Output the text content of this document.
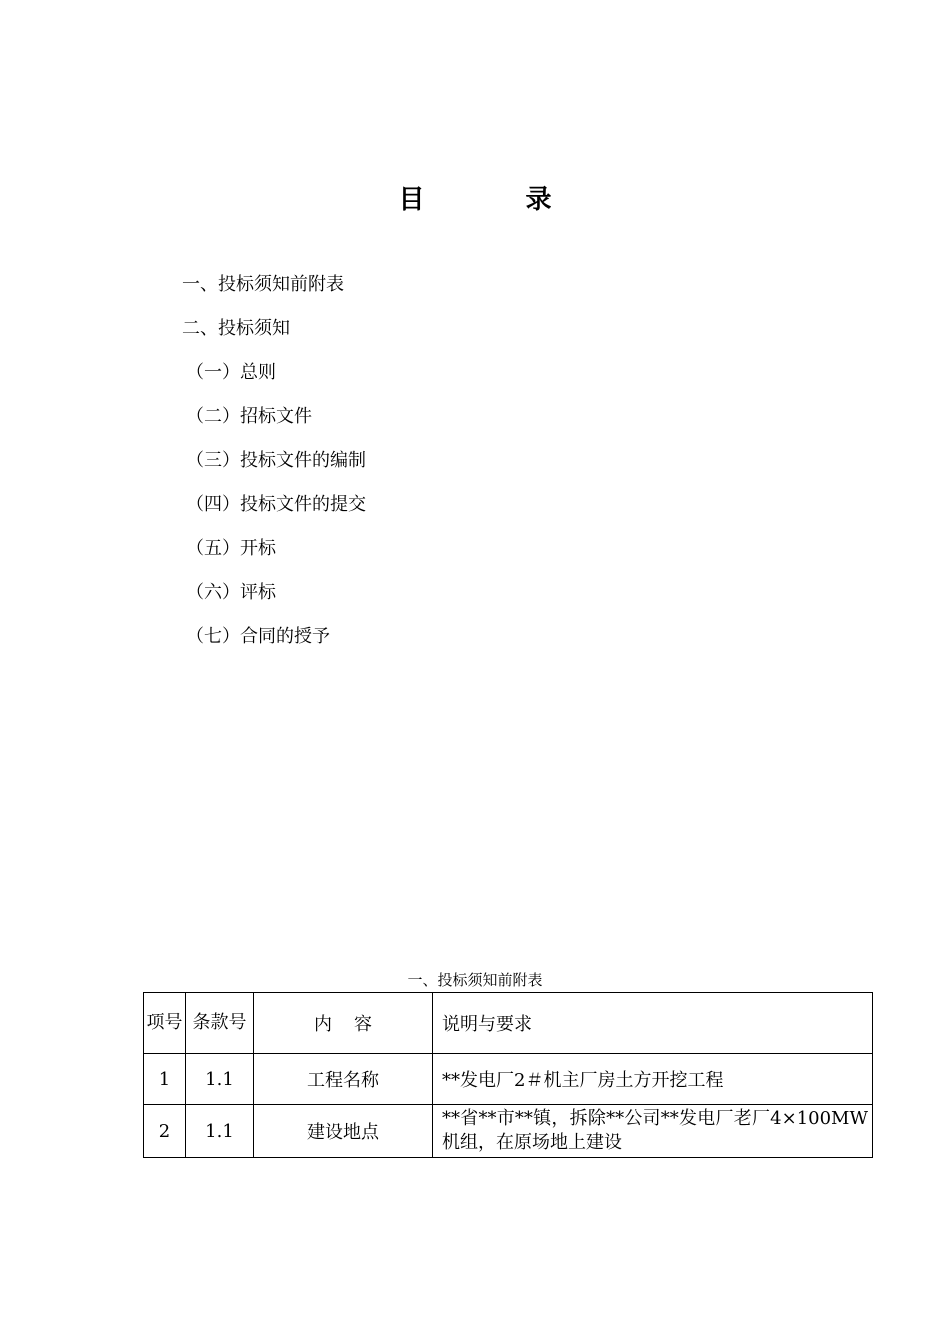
目 录
一、投标须知前附表
二、投标须知
（一）总则
（二）招标文件
（三）投标文件的编制
（四）投标文件的提交
（五）开标
（六）评标
（七）合同的授予
一、投标须知前附表
项号	条款号	内容	说明与要求
1	1.1	工程名称	**发电厂2＃机主厂房土方开挖工程
2	1.1	建设地点	**省**市**镇，拆除**公司**发电厂老厂4×100MW机组，在原场地上建设
